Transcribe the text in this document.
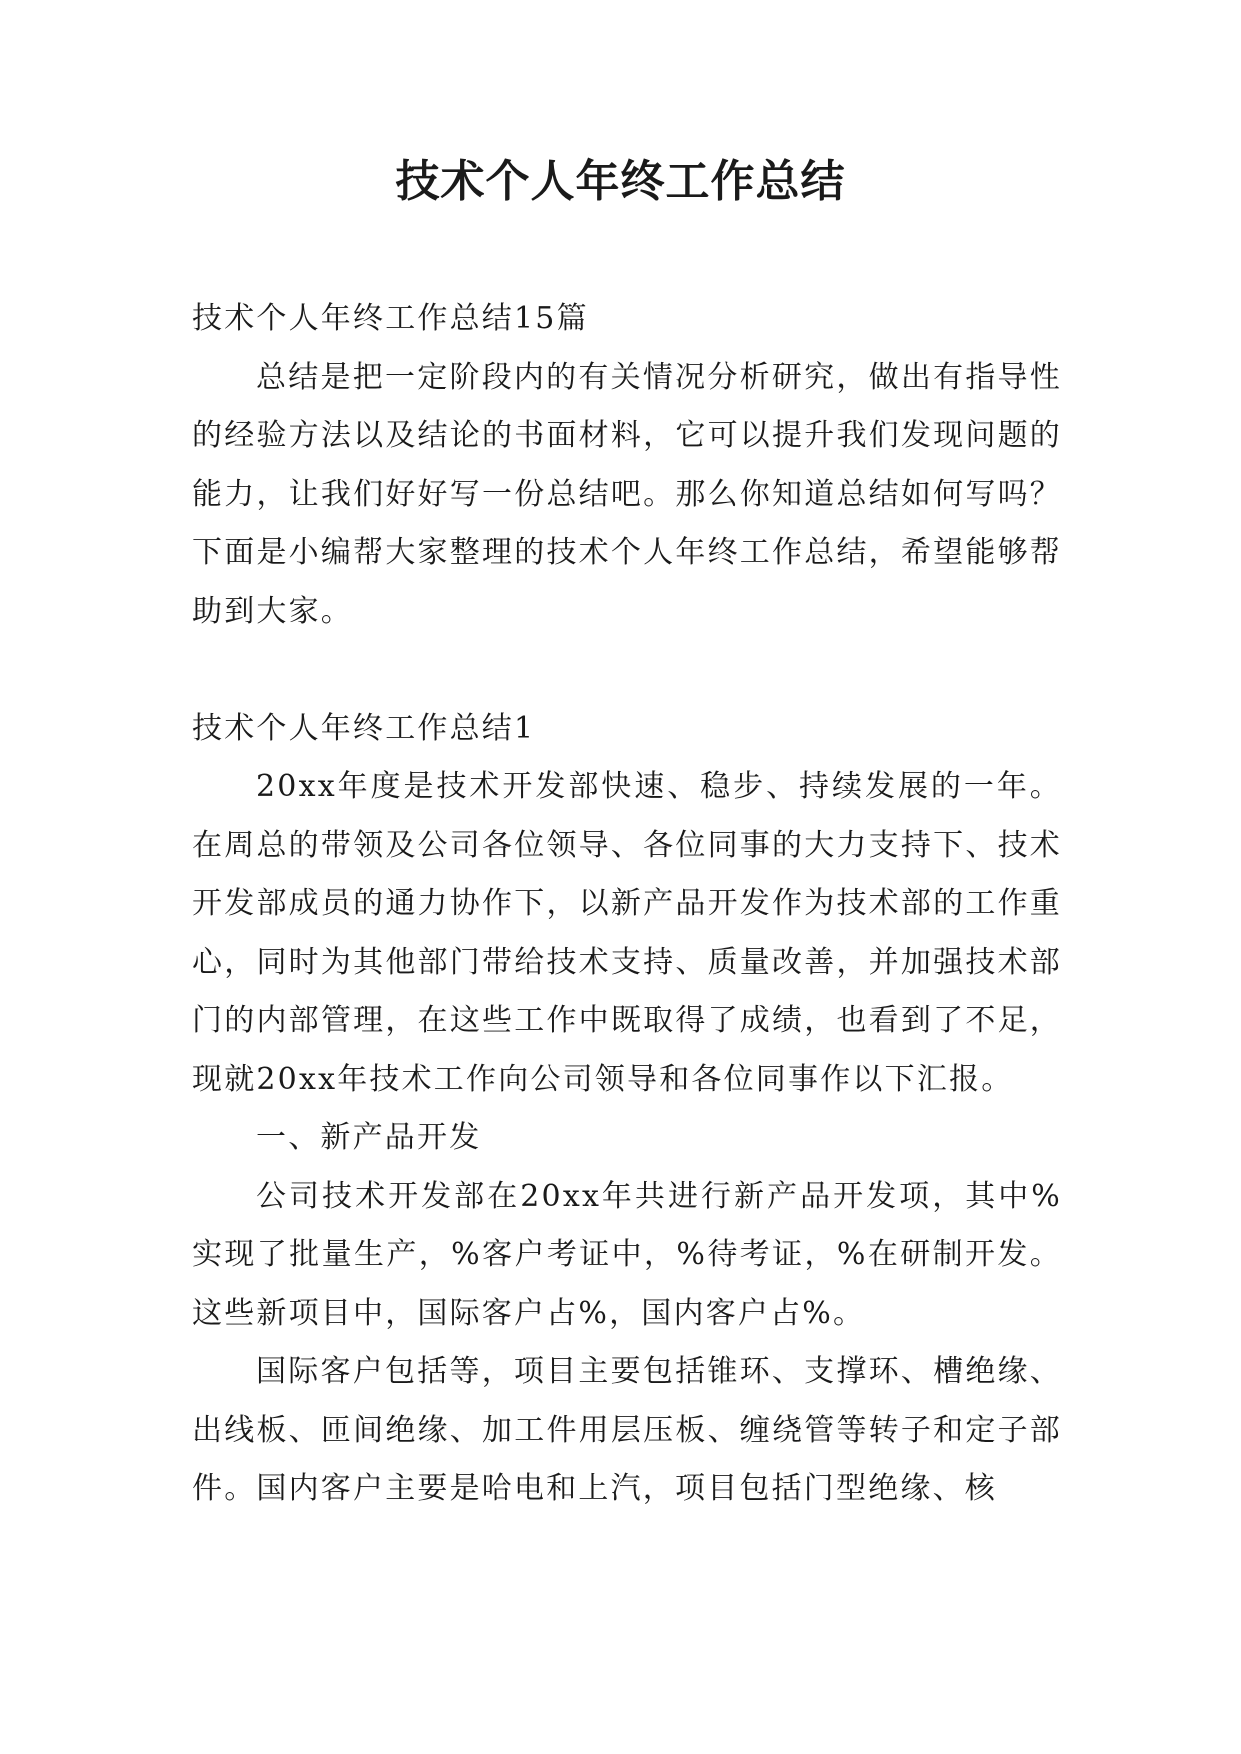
技术个人年终工作总结

技术个人年终工作总结15篇

总结是把一定阶段内的有关情况分析研究，做出有指导性的经验方法以及结论的书面材料，它可以提升我们发现问题的能力，让我们好好写一份总结吧。那么你知道总结如何写吗？下面是小编帮大家整理的技术个人年终工作总结，希望能够帮助到大家。

技术个人年终工作总结1

20xx年度是技术开发部快速、稳步、持续发展的一年。在周总的带领及公司各位领导、各位同事的大力支持下、技术开发部成员的通力协作下，以新产品开发作为技术部的工作重心，同时为其他部门带给技术支持、质量改善，并加强技术部门的内部管理，在这些工作中既取得了成绩，也看到了不足，现就20xx年技术工作向公司领导和各位同事作以下汇报。

一、新产品开发

公司技术开发部在20xx年共进行新产品开发项，其中%实现了批量生产，%客户考证中，%待考证，%在研制开发。这些新项目中，国际客户占%，国内客户占%。

国际客户包括等，项目主要包括锥环、支撑环、槽绝缘、出线板、匝间绝缘、加工件用层压板、缠绕管等转子和定子部件。国内客户主要是哈电和上汽，项目包括门型绝缘、核
